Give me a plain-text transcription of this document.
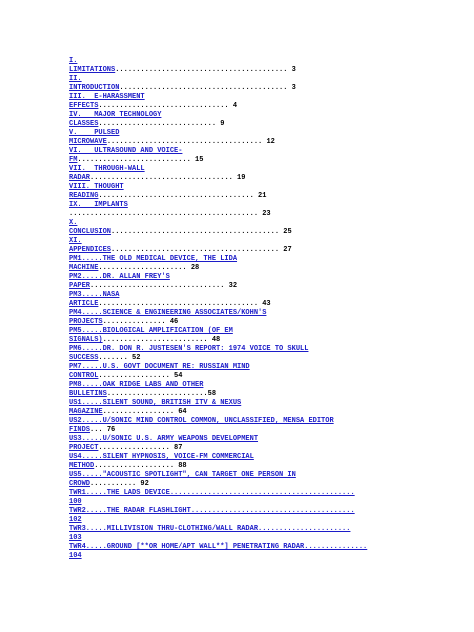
I.
LIMITATIONS......................................... 3
II.
INTRODUCTION........................................ 3
III.  E-HARASSMENT
EFFECTS............................... 4
IV.   MAJOR TECHNOLOGY
CLASSES............................ 9
V.    PULSED
MICROWAVE..................................... 12
VI.   ULTRASOUND AND VOICE-
FM........................... 15
VII.  THROUGH-WALL
RADAR.................................. 19
VIII. THOUGHT
READING..................................... 21
IX.   IMPLANTS
............................................. 23
X.
CONCLUSION........................................ 25
XI.
APPENDICES........................................ 27
PM1.....THE OLD MEDICAL DEVICE, THE LIDA
MACHINE..................... 28
PM2.....DR. ALLAN FREY'S
PAPER................................ 32
PM3.....NASA
ARTICLE...................................... 43
PM4.....SCIENCE & ENGINEERING ASSOCIATES/KOHN'S
PROJECTS............... 46
PM5.....BIOLOGICAL AMPLIFICATION (OF EM
SIGNALS)......................... 48
PM6.....DR. DON R. JUSTESEN'S REPORT: 1974 VOICE TO SKULL
SUCCESS....... 52
PM7.....U.S. GOVT DOCUMENT RE: RUSSIAN MIND
CONTROL................. 54
PM8.....OAK RIDGE LABS AND OTHER
BULLETINS........................58
US1.....SILENT SOUND, BRITISH ITV & NEXUS
MAGAZINE................. 64
US2.....U/SONIC MIND CONTROL COMMON, UNCLASSIFIED, MENSA EDITOR
FINDS... 76
US3.....U/SONIC U.S. ARMY WEAPONS DEVELOPMENT
PROJECT................. 87
US4.....SILENT HYPNOSIS, VOICE-FM COMMERCIAL
METHOD................... 88
US5....."ACOUSTIC SPOTLIGHT", CAN TARGET ONE PERSON IN
CROWD........... 92
TWR1.....THE LADS DEVICE............................................
100
TWR2.....THE RADAR FLASHLIGHT.......................................
102
TWR3.....MILLIVISION THRU-CLOTHING/WALL RADAR......................
103
TWR4.....GROUND [**OR HOME/APT WALL**] PENETRATING RADAR...............
104
